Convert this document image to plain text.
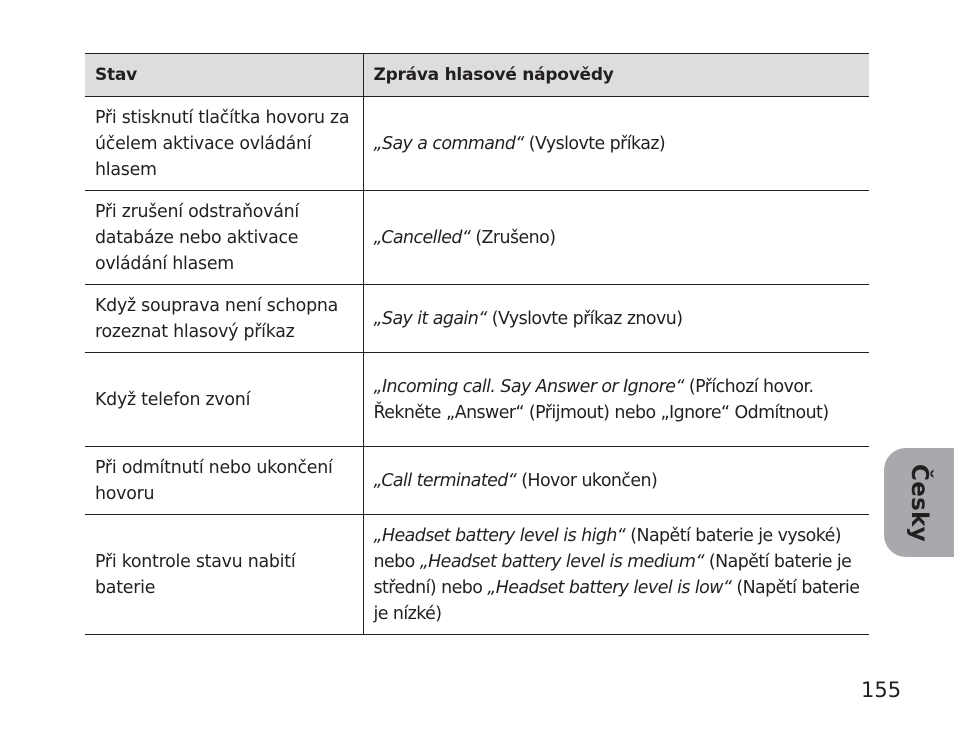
Stav	Zpráva hlasové nápovědy
Při stisknutí tlačítka hovoru za účelem aktivace ovládání hlasem	„Say a command“ (Vyslovte příkaz)
Při zrušení odstraňování databáze nebo aktivace ovládání hlasem	„Cancelled“ (Zrušeno)
Když souprava není schopna rozeznat hlasový příkaz	„Say it again“ (Vyslovte příkaz znovu)
Když telefon zvoní	„Incoming call. Say Answer or Ignore“ (Příchozí hovor. Řekněte „Answer“ (Přijmout) nebo „Ignore“ Odmítnout)
Při odmítnutí nebo ukončení hovoru	„Call terminated“ (Hovor ukončen)
Při kontrole stavu nabití baterie	„Headset battery level is high“ (Napětí baterie je vysoké) nebo „Headset battery level is medium“ (Napětí baterie je střední) nebo „Headset battery level is low“ (Napětí baterie je nízké)
Česky
155
